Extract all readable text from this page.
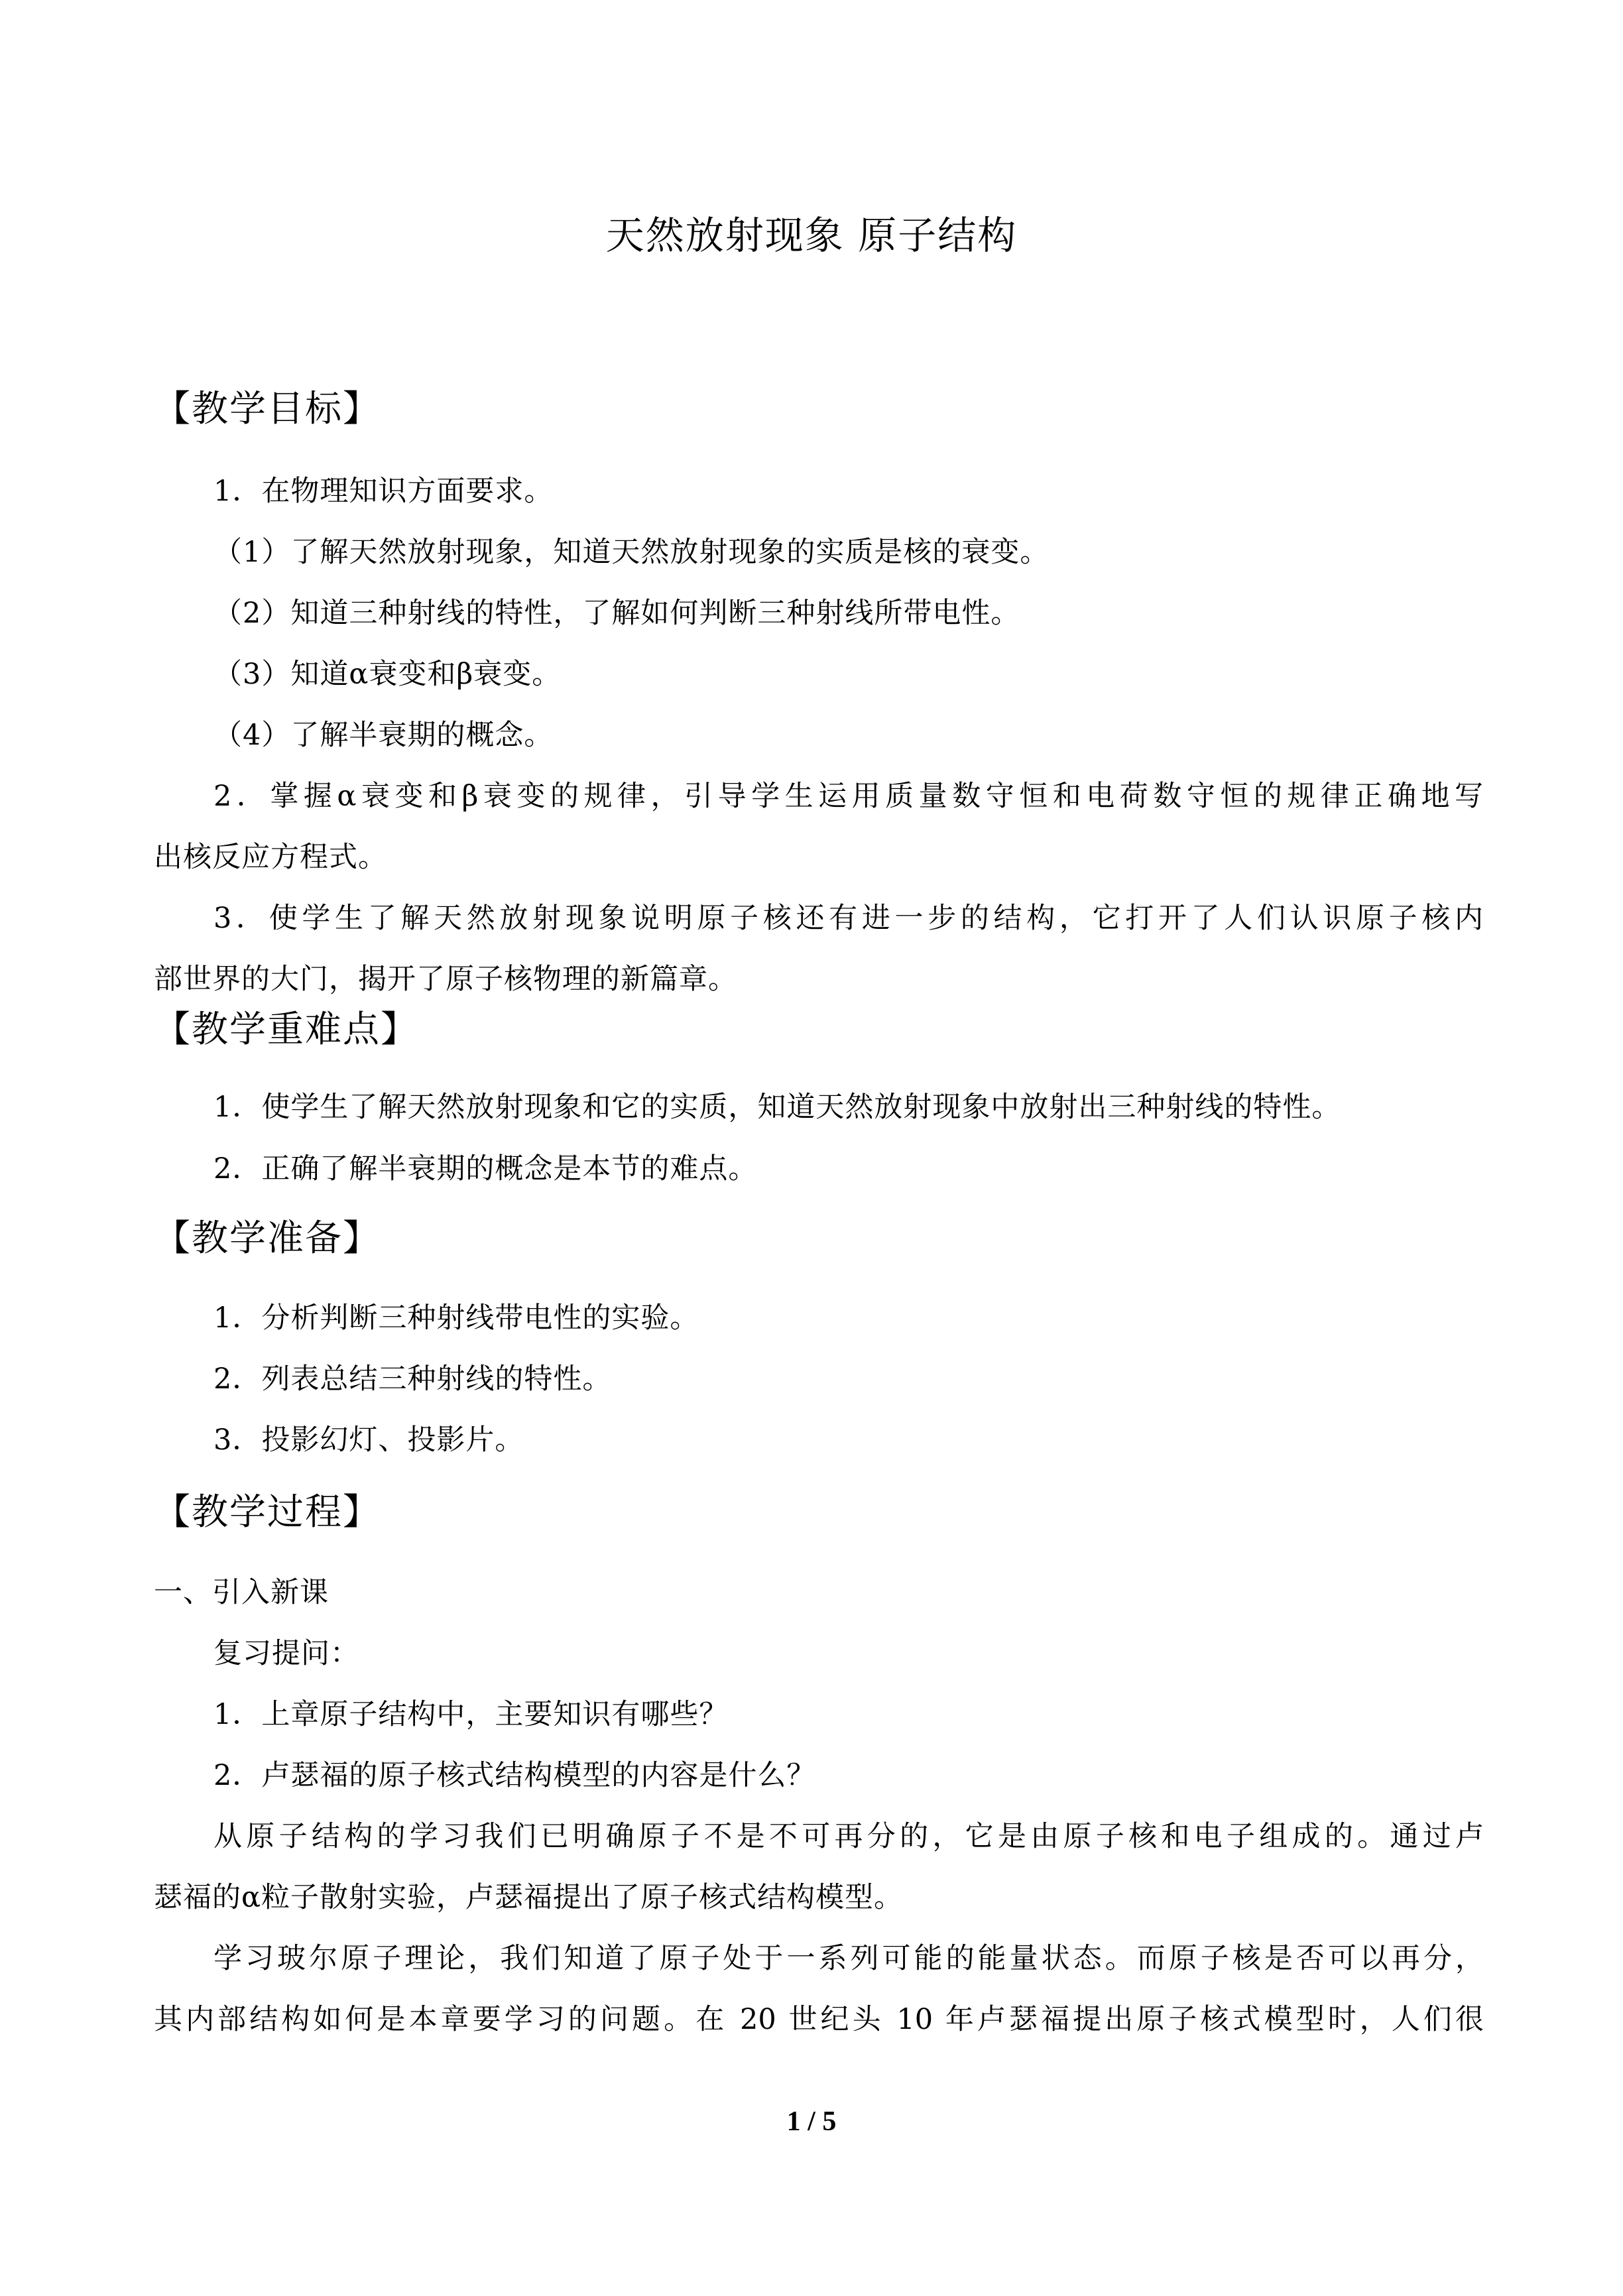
天然放射现象 原子结构
【教学目标】
1．在物理知识方面要求。
（1）了解天然放射现象，知道天然放射现象的实质是核的衰变。
（2）知道三种射线的特性，了解如何判断三种射线所带电性。
（3）知道α衰变和β衰变。
（4）了解半衰期的概念。
2．掌握α衰变和β衰变的规律，引导学生运用质量数守恒和电荷数守恒的规律正确地写
出核反应方程式。
3．使学生了解天然放射现象说明原子核还有进一步的结构，它打开了人们认识原子核内
部世界的大门，揭开了原子核物理的新篇章。
【教学重难点】
1．使学生了解天然放射现象和它的实质，知道天然放射现象中放射出三种射线的特性。
2．正确了解半衰期的概念是本节的难点。
【教学准备】
1．分析判断三种射线带电性的实验。
2．列表总结三种射线的特性。
3．投影幻灯、投影片。
【教学过程】
一、引入新课
复习提问：
1．上章原子结构中，主要知识有哪些？
2．卢瑟福的原子核式结构模型的内容是什么？
从原子结构的学习我们已明确原子不是不可再分的，它是由原子核和电子组成的。通过卢
瑟福的α粒子散射实验，卢瑟福提出了原子核式结构模型。
学习玻尔原子理论，我们知道了原子处于一系列可能的能量状态。而原子核是否可以再分，
其内部结构如何是本章要学习的问题。在 20 世纪头 10 年卢瑟福提出原子核式模型时，人们很
1 / 5
